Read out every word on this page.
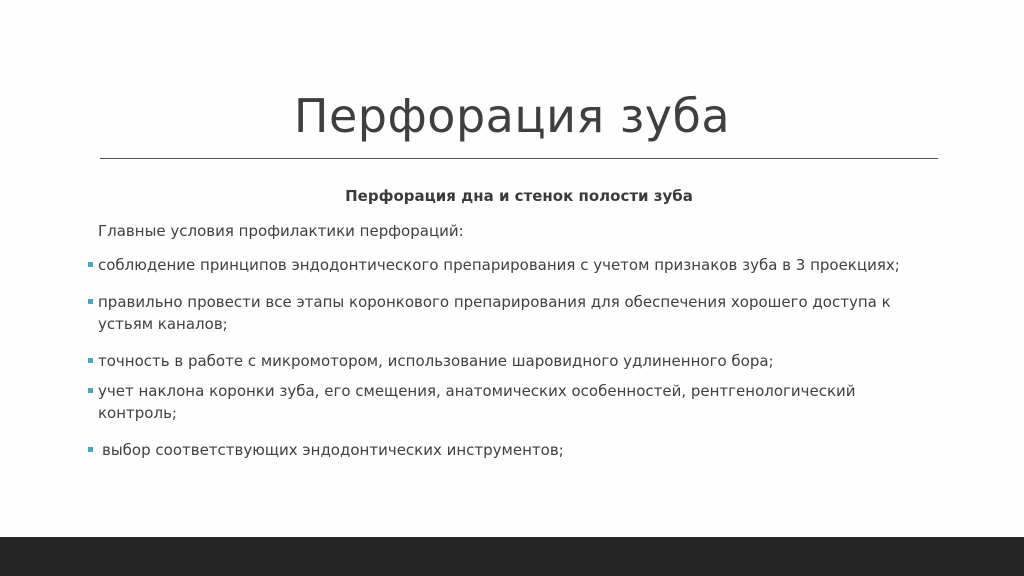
Перфорация зуба
Перфорация дна и стенок полости зуба
Главные условия профилактики перфораций:
соблюдение принципов эндодонтического препарирования с учетом признаков зуба в 3 проекциях;
правильно провести все этапы коронкового препарирования для обеспечения хорошего доступа к устьям каналов;
точность в работе с микромотором, использование шаровидного удлиненного бора;
учет наклона коронки зуба, его смещения, анатомических особенностей, рентгенологический контроль;
выбор соответствующих эндодонтических инструментов;
